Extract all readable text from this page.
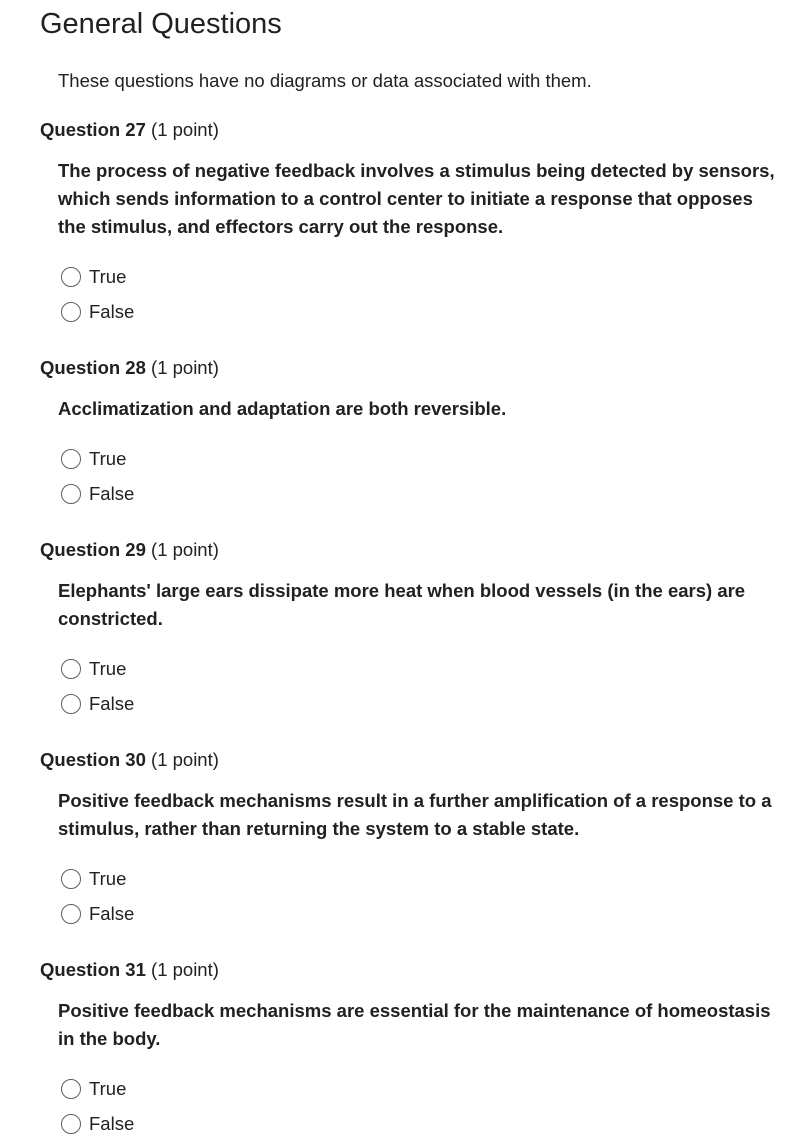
General Questions

These questions have no diagrams or data associated with them.

Question 27 (1 point)

The process of negative feedback involves a stimulus being detected by sensors, which sends information to a control center to initiate a response that opposes the stimulus, and effectors carry out the response.
True
False

Question 28 (1 point)

Acclimatization and adaptation are both reversible.
True
False

Question 29 (1 point)

Elephants' large ears dissipate more heat when blood vessels (in the ears) are constricted.
True
False

Question 30 (1 point)

Positive feedback mechanisms result in a further amplification of a response to a stimulus, rather than returning the system to a stable state.
True
False

Question 31 (1 point)

Positive feedback mechanisms are essential for the maintenance of homeostasis in the body.
True
False
